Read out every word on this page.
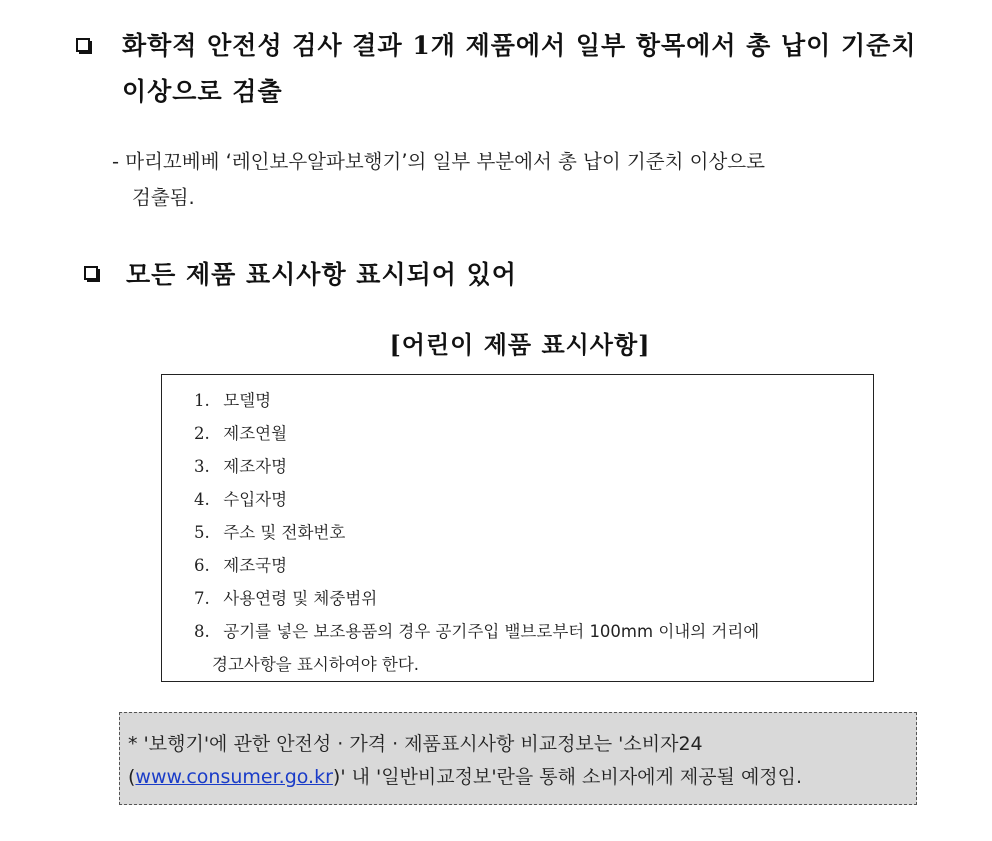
화학적 안전성 검사 결과 1개 제품에서 일부 항목에서 총 납이 기준치
이상으로 검출
- 마리꼬베베 ‘레인보우알파보행기’의 일부 부분에서 총 납이 기준치 이상으로
검출됨.
모든 제품 표시사항 표시되어 있어
[어린이 제품 표시사항]
1. 모델명
2. 제조연월
3. 제조자명
4. 수입자명
5. 주소 및 전화번호
6. 제조국명
7. 사용연령 및 체중범위
8. 공기를 넣은 보조용품의 경우 공기주입 밸브로부터 100mm 이내의 거리에
경고사항을 표시하여야 한다.
* '보행기'에 관한 안전성 · 가격 · 제품표시사항 비교정보는 '소비자24
(www.consumer.go.kr)' 내 '일반비교정보'란을 통해 소비자에게 제공될 예정임.
